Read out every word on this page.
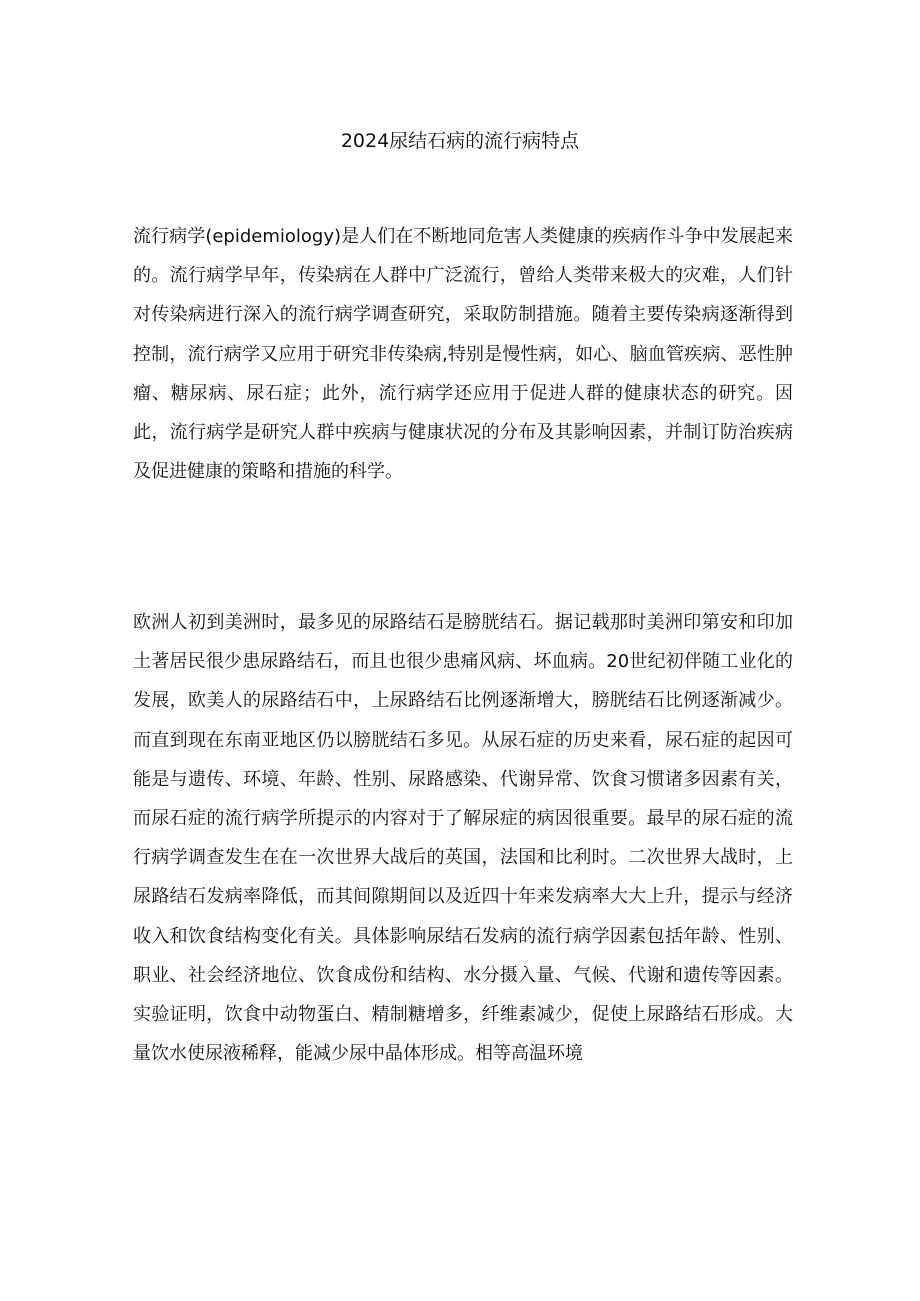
2024尿结石病的流行病特点

流行病学(epidemiology)是人们在不断地同危害人类健康的疾病作斗争中发展起来的。流行病学早年，传染病在人群中广泛流行，曾给人类带来极大的灾难，人们针对传染病进行深入的流行病学调查研究，采取防制措施。随着主要传染病逐渐得到控制，流行病学又应用于研究非传染病,特别是慢性病，如心、脑血管疾病、恶性肿瘤、糖尿病、尿石症；此外，流行病学还应用于促进人群的健康状态的研究。因此，流行病学是研究人群中疾病与健康状况的分布及其影响因素，并制订防治疾病及促进健康的策略和措施的科学。

欧洲人初到美洲时，最多见的尿路结石是膀胱结石。据记载那时美洲印第安和印加土著居民很少患尿路结石，而且也很少患痛风病、坏血病。20世纪初伴随工业化的发展，欧美人的尿路结石中，上尿路结石比例逐渐增大，膀胱结石比例逐渐减少。而直到现在东南亚地区仍以膀胱结石多见。从尿石症的历史来看，尿石症的起因可能是与遗传、环境、年龄、性别、尿路感染、代谢异常、饮食习惯诸多因素有关，而尿石症的流行病学所提示的内容对于了解尿症的病因很重要。最早的尿石症的流行病学调查发生在在一次世界大战后的英国，法国和比利时。二次世界大战时，上尿路结石发病率降低，而其间隙期间以及近四十年来发病率大大上升，提示与经济收入和饮食结构变化有关。具体影响尿结石发病的流行病学因素包括年龄、性别、职业、社会经济地位、饮食成份和结构、水分摄入量、气候、代谢和遗传等因素。实验证明，饮食中动物蛋白、精制糖增多，纤维素减少，促使上尿路结石形成。大量饮水使尿液稀释，能减少尿中晶体形成。相等高温环境
